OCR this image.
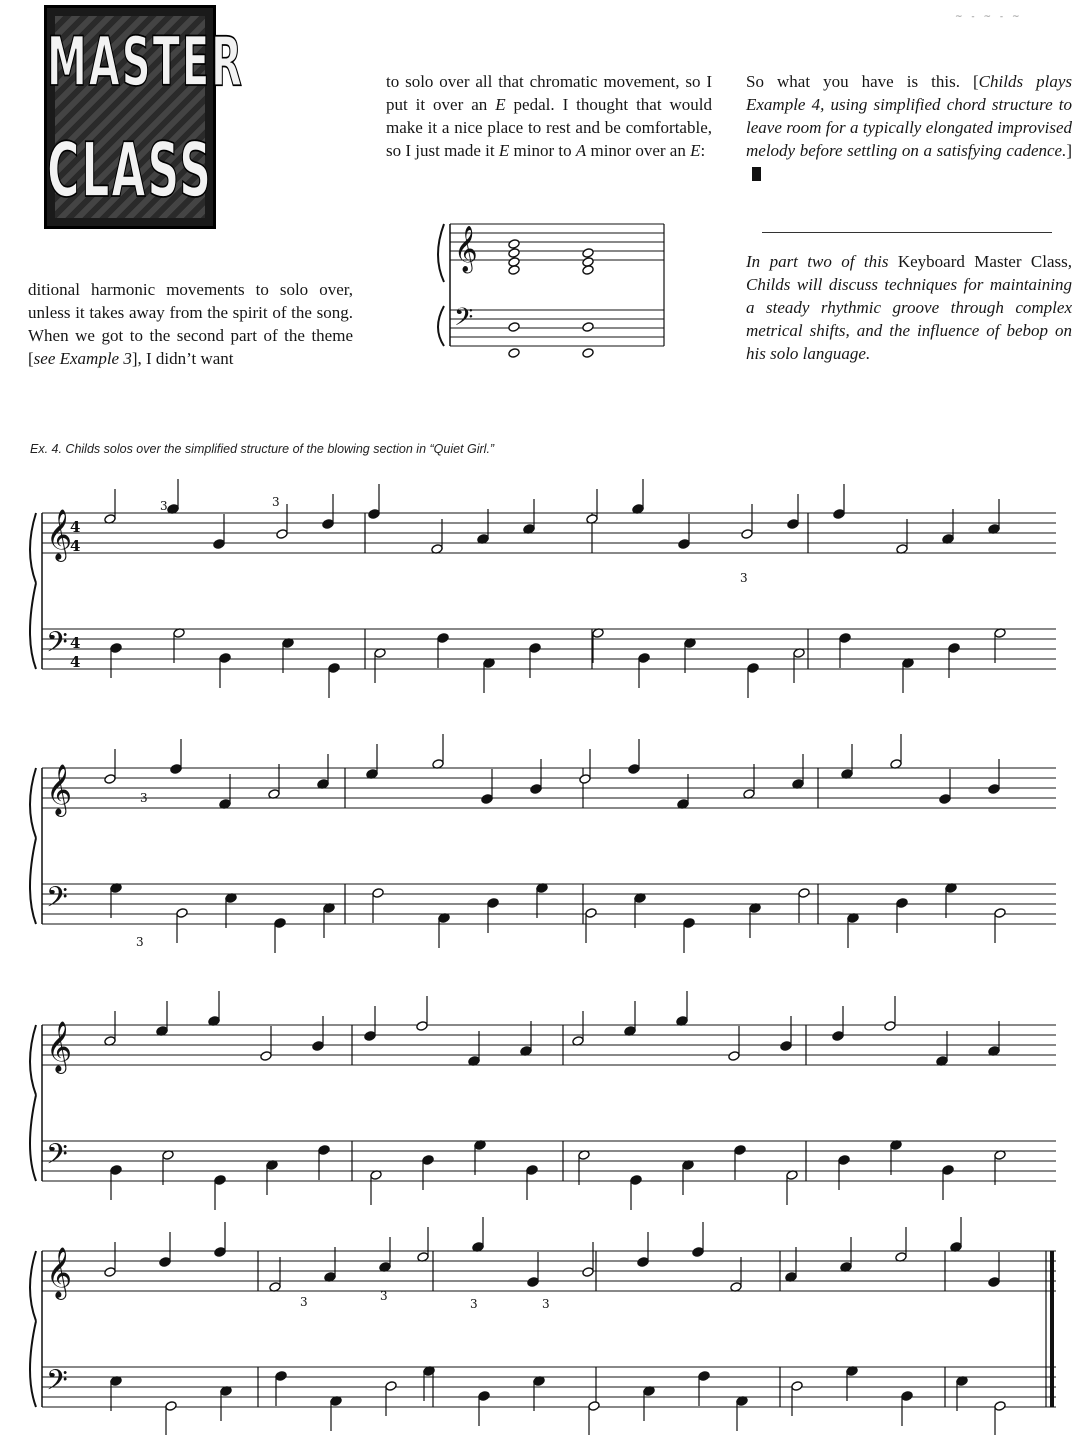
MASTER
CLASS
~ ‐ ~ ‐ ~
ditional harmonic movements to solo over, unless it takes away from the spirit of the song. When we got to the second part of the theme [see Example 3], I didn’t want
to solo over all that chromatic movement, so I put it over an E pedal. I thought that would make it a nice place to rest and be comfortable, so I just made it E minor to A minor over an E:
So what you have is this. [Childs plays Example 4, using simplified chord structure to leave room for a typically elongated improvised melody before settling on a satisfying cadence.]
In part two of this Keyboard Master Class, Childs will discuss techniques for maintaining a steady rhythmic groove through complex metrical shifts, and the influence of bebop on his solo language.
Ex. 4. Childs solos over the simplified structure of the blowing section in “Quiet Girl.”
𝄞
𝄢
𝄞
𝄢
4
4
4
4
3	3
3
𝄞
𝄢
3
3
𝄞
𝄢
𝄞
𝄢
3	3
3	3
